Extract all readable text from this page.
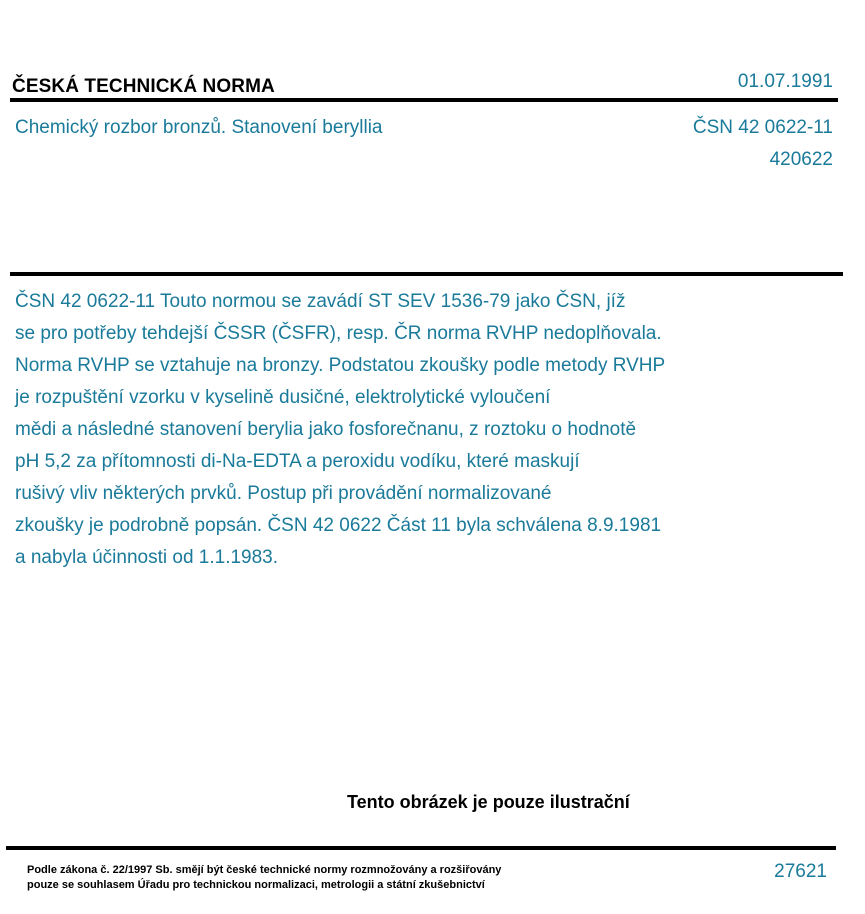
ČESKÁ TECHNICKÁ NORMA	01.07.1991
Chemický rozbor bronzů. Stanovení beryllia	ČSN 42 0622-11
420622
ČSN 42 0622-11 Touto normou se zavádí ST SEV 1536-79 jako ČSN, jíž
se pro potřeby tehdejší ČSSR (ČSFR), resp. ČR norma RVHP nedoplňovala.
Norma RVHP se vztahuje na bronzy. Podstatou zkoušky podle metody RVHP
je rozpuštění vzorku v kyselině dusičné, elektrolytické vyloučení
mědi a následné stanovení berylia jako fosforečnanu, z roztoku o hodnotě
pH 5,2 za přítomnosti di-Na-EDTA a peroxidu vodíku, které maskují
rušivý vliv některých prvků. Postup při provádění normalizované
zkoušky je podrobně popsán. ČSN 42 0622 Část 11 byla schválena 8.9.1981
a nabyla účinnosti od 1.1.1983.
Tento obrázek je pouze ilustrační
Podle zákona č. 22/1997 Sb. smějí být české technické normy rozmnožovány a rozšiřovány
pouze se souhlasem Úřadu pro technickou normalizaci, metrologii a státní zkušebnictví
27621
